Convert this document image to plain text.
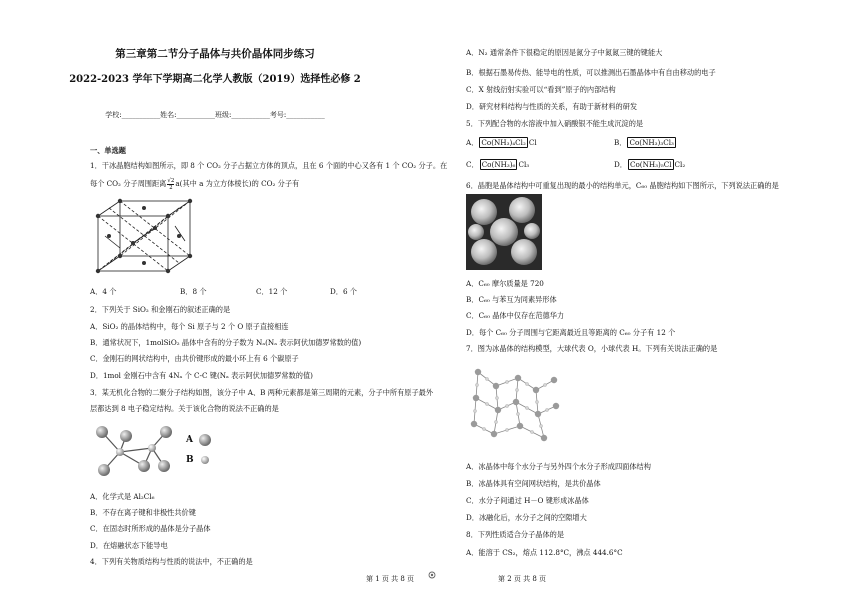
第三章第二节分子晶体与共价晶体同步练习
2022-2023 学年下学期高二化学人教版（2019）选择性必修 2
学校:___________姓名:___________班级:___________考号:___________
一、单选题
1．干冰晶胞结构如图所示，即 8 个 CO₂ 分子占据立方体的顶点，且在 6 个面的中心又各有 1 个 CO₂ 分子。在
每个 CO₂ 分子周围距离 $\frac{√2}{2} a$(其中 a 为立方体棱长)的 CO₂ 分子有
A．4 个	B．8 个	C．12 个	D．6 个
2．下列关于 SiO₂ 和金刚石的叙述正确的是
A．SiO₂ 的晶体结构中，每个 Si 原子与 2 个 O 原子直接相连
B．通常状况下，1molSiO₂ 晶体中含有的分子数为 Nₐ(Nₐ 表示阿伏加德罗常数的值)
C．金刚石的网状结构中，由共价键形成的最小环上有 6 个碳原子
D．1mol 金刚石中含有 4Nₐ 个 C-C 键(Nₐ 表示阿伏加德罗常数的值)
3．某无机化合物的二聚分子结构如图，该分子中 A、B 两种元素都是第三周期的元素，分子中所有原子最外
层都达到 8 电子稳定结构。关于该化合物的说法不正确的是
A
B
A．化学式是 Al₂Cl₆
B．不存在离子键和非极性共价键
C．在固态时所形成的晶体是分子晶体
D．在熔融状态下能导电
4．下列有关物质结构与性质的说法中，不正确的是
A．N₂ 通常条件下很稳定的原因是氮分子中氮氮三键的键能大
B．根据石墨易传热、能导电的性质，可以推测出石墨晶体中有自由移动的电子
C．X 射线衍射实验可以“看到”原子的内部结构
D．研究材料结构与性质的关系，有助于新材料的研发
5．下列配合物的水溶液中加入硝酸银不能生成沉淀的是
A． Co(NH₃)₄Cl₂ Cl	B． Co(NH₃)₃Cl₃
C． Co(NH₃)₆ Cl₃	D． Co(NH₃)₅Cl Cl₂
6．晶胞是晶体结构中可重复出现的最小的结构单元，C₆₀ 晶胞结构如下图所示，下列说法正确的是
A．C₆₀ 摩尔质量是 720
B．C₆₀ 与苯互为同素异形体
C．C₆₀ 晶体中仅存在范德华力
D．每个 C₆₀ 分子周围与它距离最近且等距离的 C₆₀ 分子有 12 个
7．图为冰晶体的结构模型，大球代表 O，小球代表 H。下列有关说法正确的是
A．冰晶体中每个水分子与另外四个水分子形成四面体结构
B．冰晶体具有空间网状结构，是共价晶体
C．水分子间通过 H－O 键形成冰晶体
D．冰融化后，水分子之间的空隙增大
8．下列性质适合分子晶体的是
A．能溶于 CS₂，熔点 112.8°C，沸点 444.6°C
第 1 页 共 8 页	第 2 页 共 8 页
